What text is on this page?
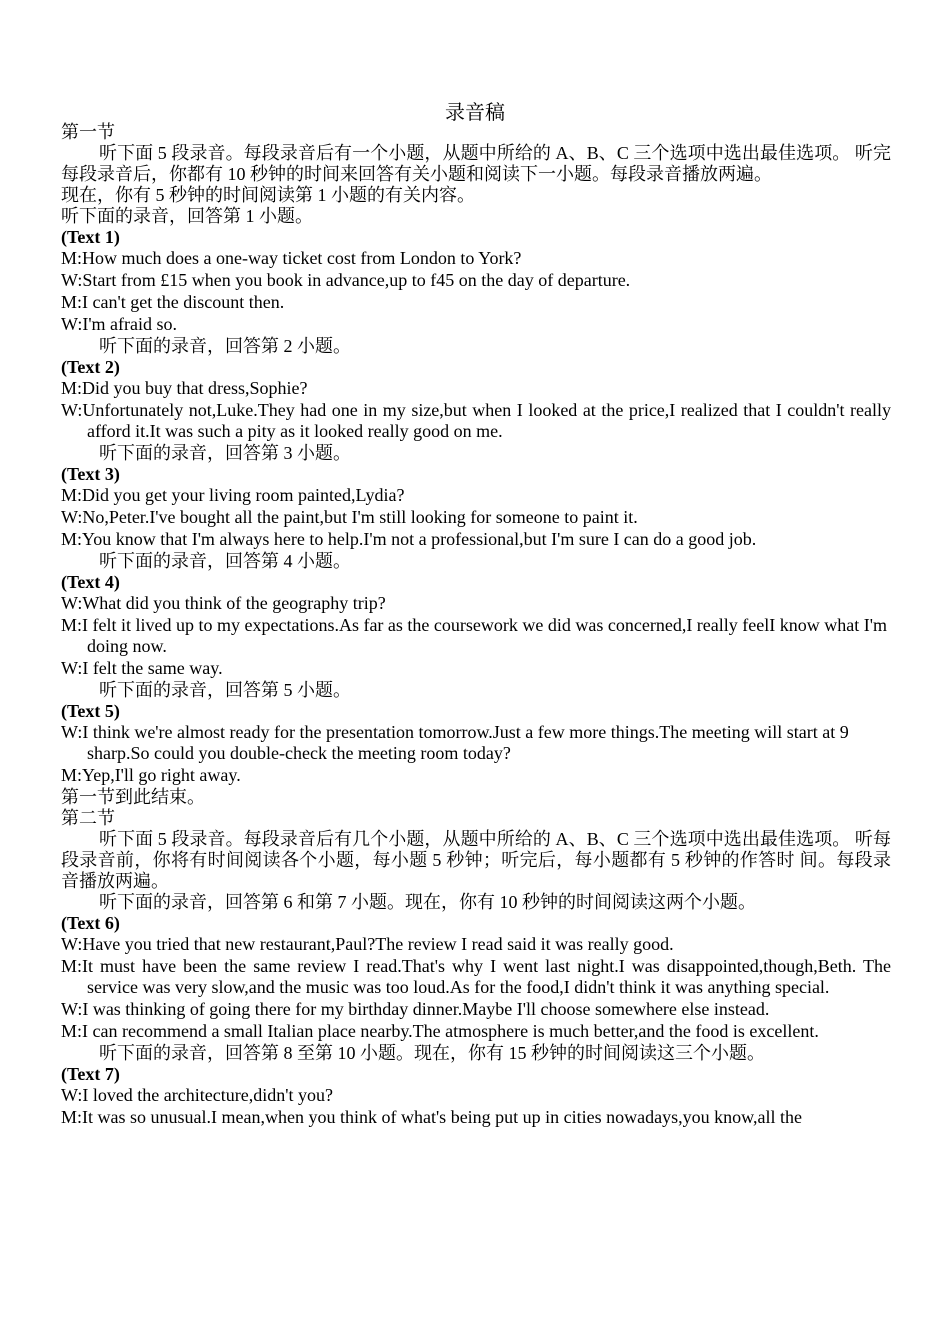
录音稿

第一节

听下面 5 段录音。每段录音后有一个小题，从题中所给的 A、B、C 三个选项中选出最佳选项。 听完每段录音后，你都有 10 秒钟的时间来回答有关小题和阅读下一小题。每段录音播放两遍。

现在，你有 5 秒钟的时间阅读第 1 小题的有关内容。

听下面的录音，回答第 1 小题。

(Text 1)

M:How much does a one-way ticket cost from London to York?

W:Start from £15 when you book in advance,up to f45 on the day of departure.

M:I can't get the discount then.

W:I'm afraid so.

听下面的录音，回答第 2 小题。

(Text 2)

M:Did you buy that dress,Sophie?

W:Unfortunately not,Luke.They had one in my size,but when I looked at the price,I realized that I couldn't really afford it.It was such a pity as it looked really good on me.

听下面的录音，回答第 3 小题。

(Text 3)

M:Did you get your living room painted,Lydia?

W:No,Peter.I've bought all the paint,but I'm still looking for someone to paint it.

M:You know that I'm always here to help.I'm not a professional,but I'm sure I can do a good job.

听下面的录音，回答第 4 小题。

(Text 4)

W:What did you think of the geography trip?

M:I felt it lived up to my expectations.As far as the coursework we did was concerned,I really feelI know what I'm doing now.

W:I felt the same way.

听下面的录音，回答第 5 小题。

(Text 5)

W:I think we're almost ready for the presentation tomorrow.Just a few more things.The meeting will start at 9 sharp.So could you double-check the meeting room today?

M:Yep,I'll go right away.

第一节到此结束。

第二节

听下面 5 段录音。每段录音后有几个小题，从题中所给的 A、B、C 三个选项中选出最佳选项。 听每段录音前，你将有时间阅读各个小题，每小题 5 秒钟；听完后，每小题都有 5 秒钟的作答时 间。每段录音播放两遍。

听下面的录音，回答第 6 和第 7 小题。现在，你有 10 秒钟的时间阅读这两个小题。

(Text 6)

W:Have you tried that new restaurant,Paul?The review I read said it was really good.

M:It must have been the same review I read.That's why I went last night.I was disappointed,though,Beth. The service was very slow,and the music was too loud.As for the food,I didn't think it was anything special.

W:I was thinking of going there for my birthday dinner.Maybe I'll choose somewhere else instead.

M:I can recommend a small Italian place nearby.The atmosphere is much better,and the food is excellent.

听下面的录音，回答第 8 至第 10 小题。现在，你有 15 秒钟的时间阅读这三个小题。

(Text 7)

W:I loved the architecture,didn't you?

M:It was so unusual.I mean,when you think of what's being put up in cities nowadays,you know,all the
